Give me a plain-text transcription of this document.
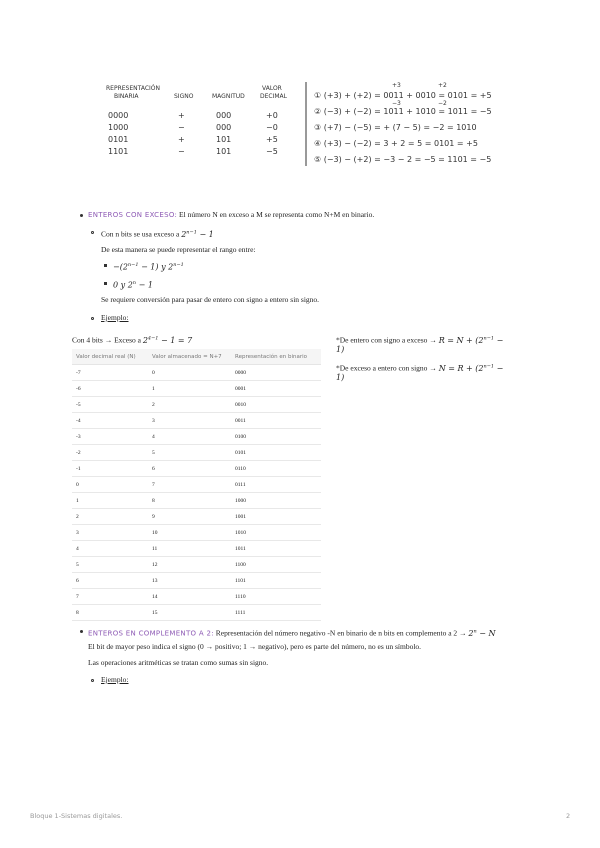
REPRESENTACIÓN
BINARIA	SIGNO	MAGNITUD
VALOR
DECIMAL
0000	+	000	+0
1000	−	000	−0
0101	+	101	+5
1101	−	101	−5
① (+3) + (+2) = 0011 + 0010 = 0101 = +5
② (−3) + (−2) = 1011 + 1010 = 1011 = −5
③ (+7) − (−5) = + (7 − 5) = −2 = 1010
④ (+3) − (−2) = 3 + 2 = 5 = 0101 = +5
⑤ (−3) − (+2) = −3 − 2 = −5 = 1101 = −5
+3	+2
−3	−2
ENTEROS CON EXCESO: El número N en exceso a M se representa como N+M en binario.
Con n bits se usa exceso a $2^{n-1} - 1$
De esta manera se puede representar el rango entre:
$-(2^{n-1} - 1)$ y $2^{n-1}$
0 y $2^n - 1$
Se requiere conversión para pasar de entero con signo a entero sin signo.
Ejemplo:
Con 4 bits → Exceso a $2^{4-1} - 1 = 7$	*De entero con signo a exceso → $R = N + (2^{n-1}$ −
1)
*De exceso a entero con signo → $N = R + (2^{n-1}$ −
1)
Valor decimal real (N)	Valor almacenado = N+7	Representación en binario
-7	0	0000
-6	1	0001
-5	2	0010
-4	3	0011
-3	4	0100
-2	5	0101
-1	6	0110
0	7	0111
1	8	1000
2	9	1001
3	10	1010
4	11	1011
5	12	1100
6	13	1101
7	14	1110
8	15	1111
ENTEROS EN COMPLEMENTO A 2: Representación del número negativo -N en binario de n bits en complemento a $2 \to 2^n - N$
El bit de mayor peso indica el signo (0 → positivo; 1 → negativo), pero es parte del número, no es un símbolo.
Las operaciones aritméticas se tratan como sumas sin signo.
Ejemplo:
Bloque 1-Sistemas digitales.	2
